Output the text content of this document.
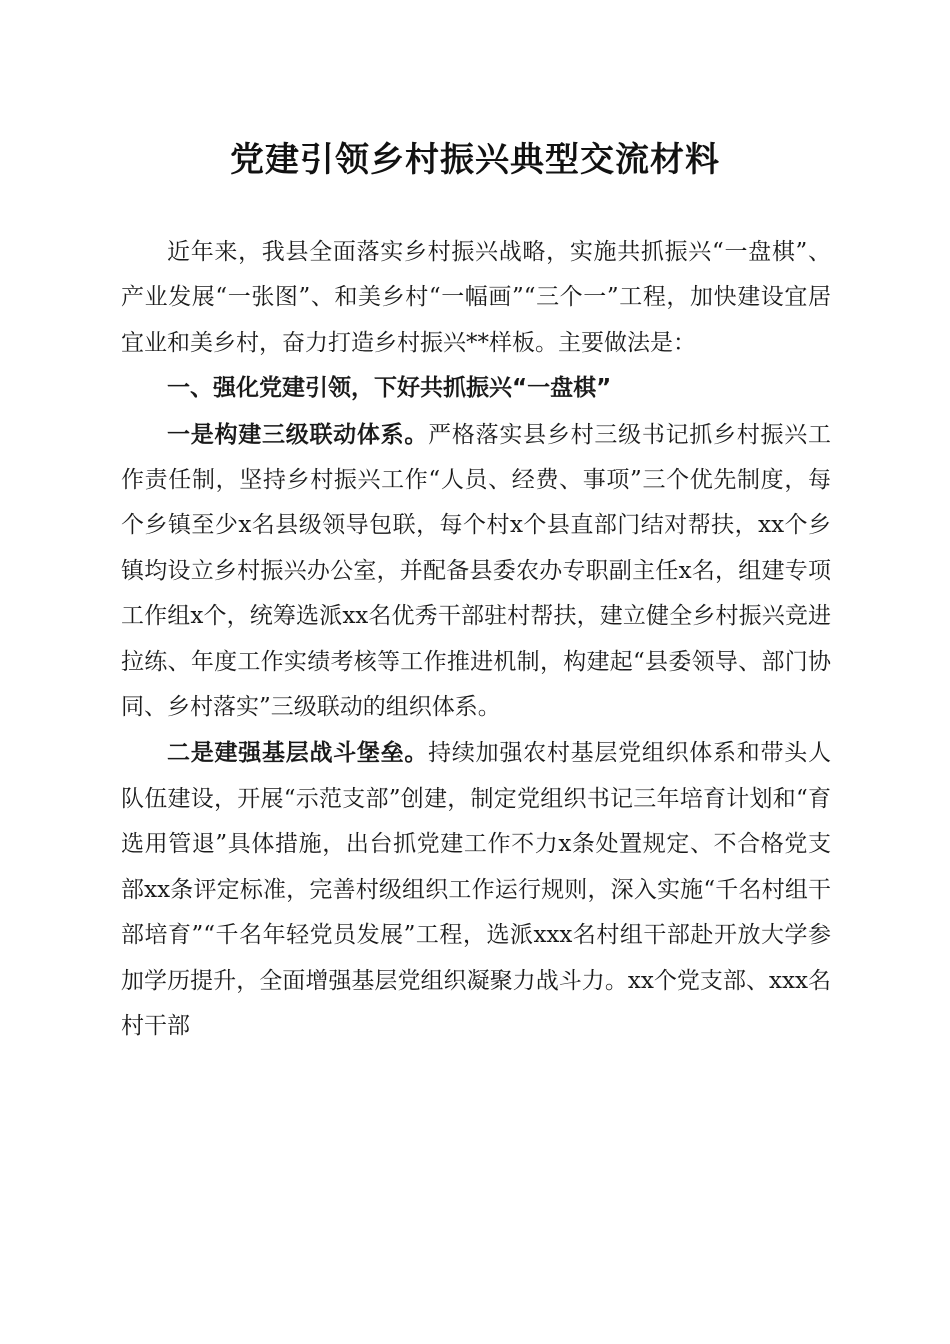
党建引领乡村振兴典型交流材料

近年来，我县全面落实乡村振兴战略，实施共抓振兴“一盘棋”、产业发展“一张图”、和美乡村“一幅画”“三个一”工程，加快建设宜居宜业和美乡村，奋力打造乡村振兴**样板。主要做法是：

一、强化党建引领，下好共抓振兴“一盘棋”

一是构建三级联动体系。严格落实县乡村三级书记抓乡村振兴工作责任制，坚持乡村振兴工作“人员、经费、事项”三个优先制度，每个乡镇至少x名县级领导包联，每个村x个县直部门结对帮扶，xx个乡镇均设立乡村振兴办公室，并配备县委农办专职副主任x名，组建专项工作组x个，统筹选派xx名优秀干部驻村帮扶，建立健全乡村振兴竞进拉练、年度工作实绩考核等工作推进机制，构建起“县委领导、部门协同、乡村落实”三级联动的组织体系。

二是建强基层战斗堡垒。持续加强农村基层党组织体系和带头人队伍建设，开展“示范支部”创建，制定党组织书记三年培育计划和“育选用管退”具体措施，出台抓党建工作不力x条处置规定、不合格党支部xx条评定标准，完善村级组织工作运行规则，深入实施“千名村组干部培育”“千名年轻党员发展”工程，选派xxx名村组干部赴开放大学参加学历提升，全面增强基层党组织凝聚力战斗力。xx个党支部、xxx名村干部
